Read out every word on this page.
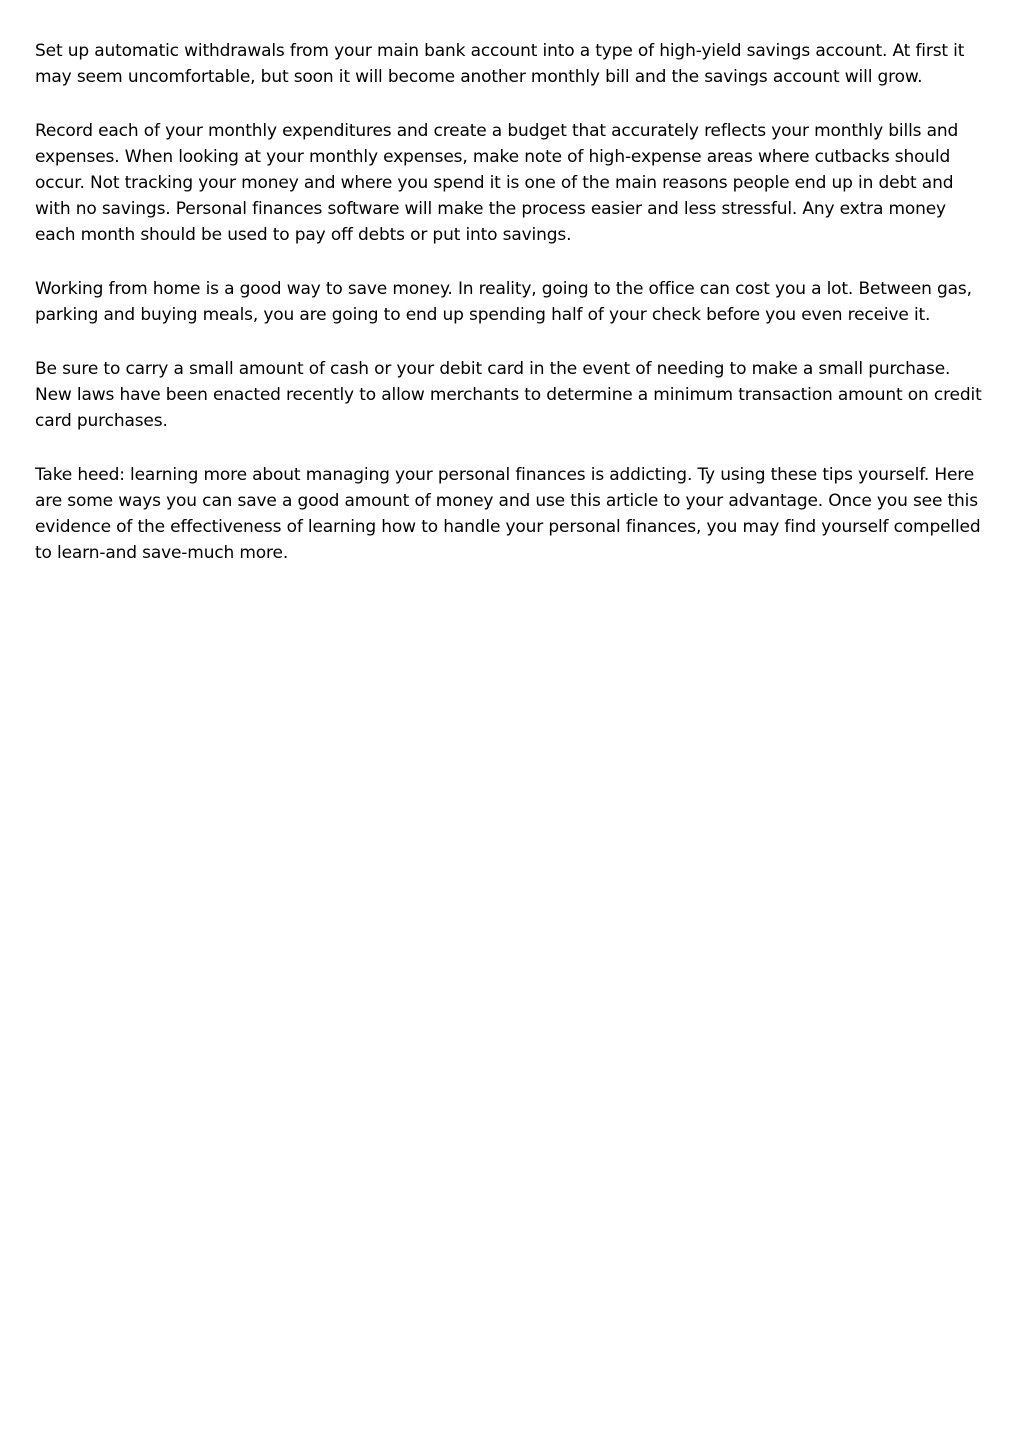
Set up automatic withdrawals from your main bank account into a type of high-yield savings account. At first it may seem uncomfortable, but soon it will become another monthly bill and the savings account will grow.

Record each of your monthly expenditures and create a budget that accurately reflects your monthly bills and expenses. When looking at your monthly expenses, make note of high-expense areas where cutbacks should occur. Not tracking your money and where you spend it is one of the main reasons people end up in debt and with no savings. Personal finances software will make the process easier and less stressful. Any extra money each month should be used to pay off debts or put into savings.

Working from home is a good way to save money. In reality, going to the office can cost you a lot. Between gas, parking and buying meals, you are going to end up spending half of your check before you even receive it.

Be sure to carry a small amount of cash or your debit card in the event of needing to make a small purchase. New laws have been enacted recently to allow merchants to determine a minimum transaction amount on credit card purchases.

Take heed: learning more about managing your personal finances is addicting. Ty using these tips yourself. Here are some ways you can save a good amount of money and use this article to your advantage. Once you see this evidence of the effectiveness of learning how to handle your personal finances, you may find yourself compelled to learn-and save-much more.
